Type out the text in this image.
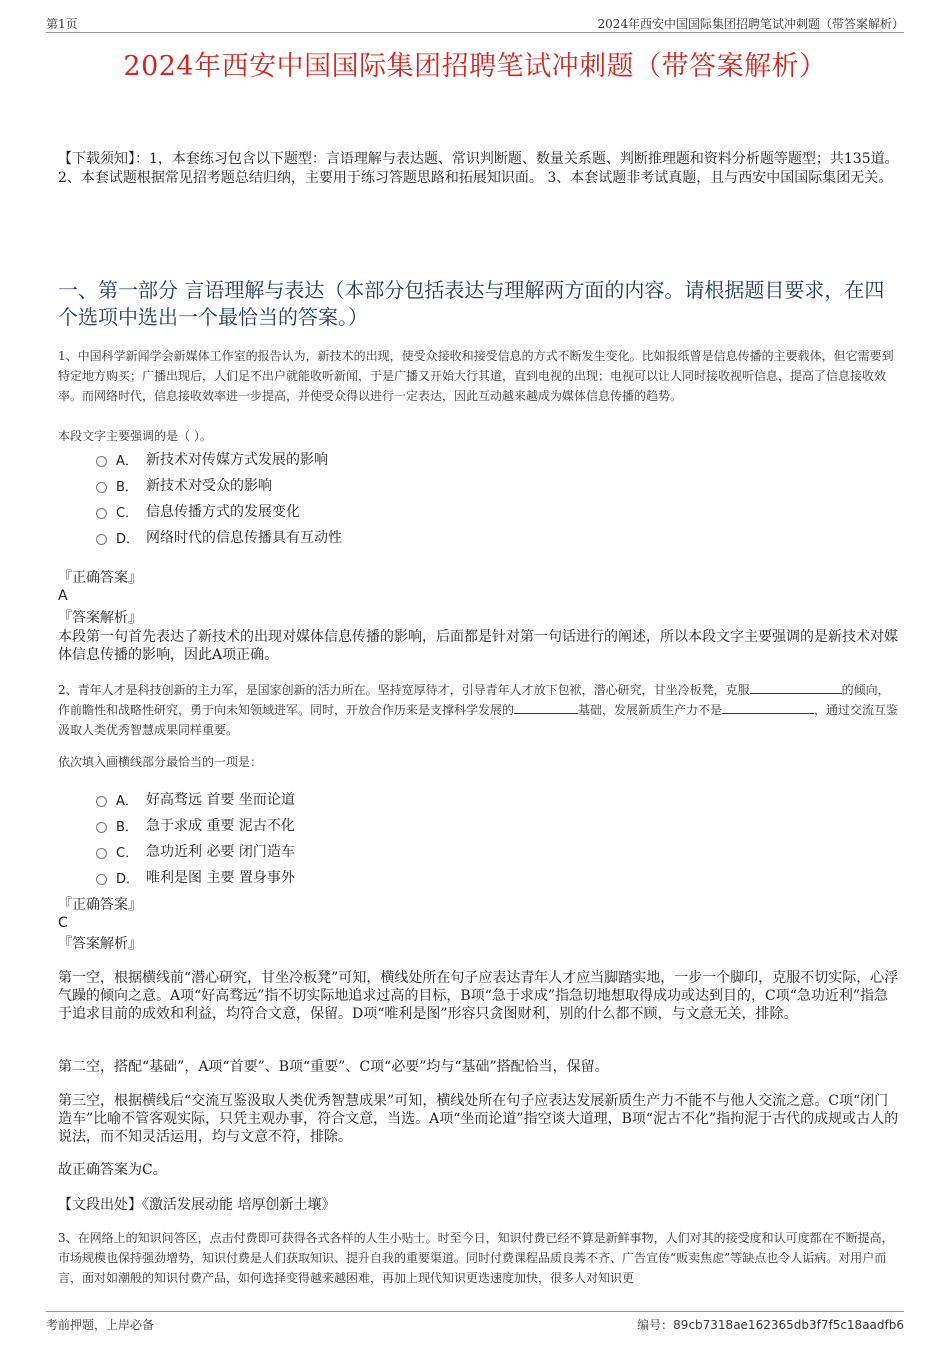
第1页	2024年西安中国国际集团招聘笔试冲刺题（带答案解析）
2024年西安中国国际集团招聘笔试冲刺题（带答案解析）
【下载须知】：1，本套练习包含以下题型：言语理解与表达题、常识判断题、数量关系题、判断推理题和资料分析题等题型；共135道。 2、本套试题根据常见招考题总结归纳，主要用于练习答题思路和拓展知识面。 3、本套试题非考试真题，且与西安中国国际集团无关。
一、第一部分 言语理解与表达（本部分包括表达与理解两方面的内容。请根据题目要求，在四个选项中选出一个最恰当的答案。）
1、中国科学新闻学会新媒体工作室的报告认为，新技术的出现，使受众接收和接受信息的方式不断发生变化。比如报纸曾是信息传播的主要载体，但它需要到特定地方购买；广播出现后，人们足不出户就能收听新闻，于是广播又开始大行其道，直到电视的出现；电视可以让人同时接收视听信息，提高了信息接收效率。而网络时代，信息接收效率进一步提高，并使受众得以进行一定表达，因此互动越来越成为媒体信息传播的趋势。
本段文字主要强调的是（ ）。
A． 新技术对传媒方式发展的影响
B． 新技术对受众的影响
C． 信息传播方式的发展变化
D． 网络时代的信息传播具有互动性
『正确答案』
A
『答案解析』
本段第一句首先表达了新技术的出现对媒体信息传播的影响，后面都是针对第一句话进行的阐述，所以本段文字主要强调的是新技术对媒体信息传播的影响，因此A项正确。
2、青年人才是科技创新的主力军，是国家创新的活力所在。坚持宽厚待才，引导青年人才放下包袱，潜心研究，甘坐冷板凳，克服	的倾向，作前瞻性和战略性研究，勇于向未知领域进军。同时，开放合作历来是支撑科学发展的	基础，发展新质生产力不是	，通过交流互鉴汲取人类优秀智慧成果同样重要。
依次填入画横线部分最恰当的一项是：
A． 好高骛远 首要 坐而论道
B． 急于求成 重要 泥古不化
C． 急功近利 必要 闭门造车
D． 唯利是图 主要 置身事外
『正确答案』
C
『答案解析』
第一空，根据横线前“潜心研究，甘坐冷板凳”可知，横线处所在句子应表达青年人才应当脚踏实地，一步一个脚印，克服不切实际，心浮气躁的倾向之意。A项“好高骛远”指不切实际地追求过高的目标，B项“急于求成”指急切地想取得成功或达到目的，C项“急功近利”指急于追求目前的成效和利益，均符合文意，保留。D项“唯利是图”形容只贪图财利，别的什么都不顾，与文意无关，排除。
第二空，搭配“基础”，A项“首要”、B项“重要”、C项“必要”均与“基础”搭配恰当，保留。
第三空，根据横线后“交流互鉴汲取人类优秀智慧成果”可知，横线处所在句子应表达发展新质生产力不能不与他人交流之意。C项“闭门造车”比喻不管客观实际，只凭主观办事，符合文意，当选。A项“坐而论道”指空谈大道理，B项“泥古不化”指拘泥于古代的成规或古人的说法，而不知灵活运用，均与文意不符，排除。
故正确答案为C。
【文段出处】《激活发展动能 培厚创新土壤》
3、在网络上的知识问答区，点击付费即可获得各式各样的人生小贴士。时至今日，知识付费已经不算是新鲜事物，人们对其的接受度和认可度都在不断提高，市场规模也保持强劲增势，知识付费是人们获取知识、提升自我的重要渠道。同时付费课程品质良莠不齐、广告宣传“贩卖焦虑”等缺点也令人诟病。对用户而言，面对如潮般的知识付费产品，如何选择变得越来越困难，再加上现代知识更迭速度加快，很多人对知识更
考前押题，上岸必备	编号：89cb7318ae162365db3f7f5c18aadfb6
